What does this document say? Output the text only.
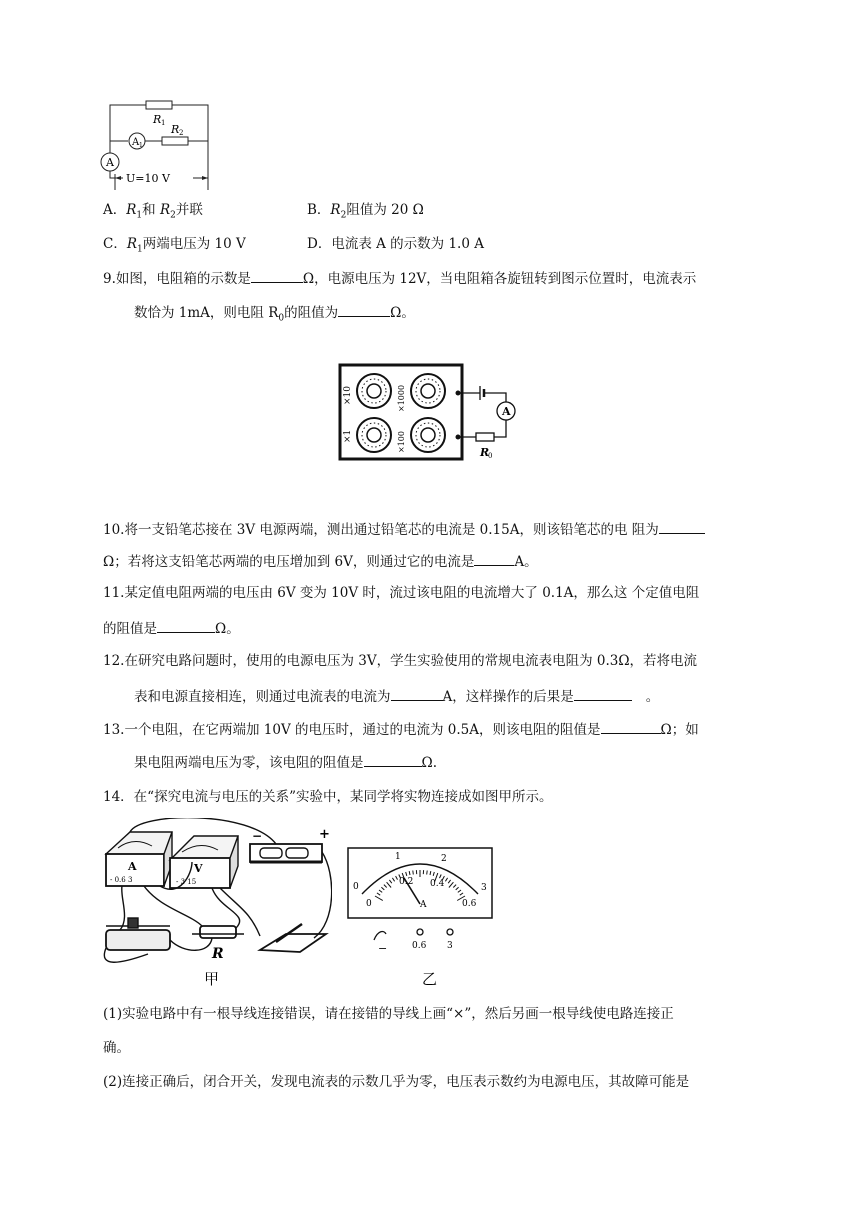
R 1 R 2
A 1
A
U=10 V
A．$R_1$和 $R_2$并联	B．$R_2$阻值为 20 Ω
C．$R_1$两端电压为 10 V	D．电流表 A 的示数为 1.0 A
9.如图，电阻箱的示数是	Ω，电源电压为 12V，当电阻箱各旋钮转到图示位置时，电流表示
数恰为 1mA，则电阻 $R_0$的阻值为	Ω。
×10	×1000
×1	×100
A
R
0
10.将一支铅笔芯接在 3V 电源两端，测出通过铅笔芯的电流是 0.15A，则该铅笔芯的电 阻为
Ω；若将这支铅笔芯两端的电压增加到 6V，则通过它的电流是	A。
11.某定值电阻两端的电压由 6V 变为 10V 时，流过该电阻的电流增大了 0.1A，那么这 个定值电阻
的阻值是	Ω。
12.在研究电路问题时，使用的电源电压为 3V，学生实验使用的常规电流表电阻为 0.3Ω，若将电流
表和电源直接相连，则通过电流表的电流为	A，这样操作的后果是	。
13.一个电阻，在它两端加 10V 的电压时，通过的电流为 0.5A，则该电阻的阻值是	Ω；如
果电阻两端电压为零，该电阻的阻值是	Ω.
14．在“探究电流与电压的关系”实验中，某同学将实物连接成如图甲所示。
A	V
- 0.6 3	- 3 15
−	+
R
甲
0
1	2
3
0
0.2 0.4
0.6
A
−	0.6 3
乙
(1)实验电路中有一根导线连接错误，请在接错的导线上画“×”，然后另画一根导线使电路连接正
确。
(2)连接正确后，闭合开关，发现电流表的示数几乎为零，电压表示数约为电源电压，其故障可能是
